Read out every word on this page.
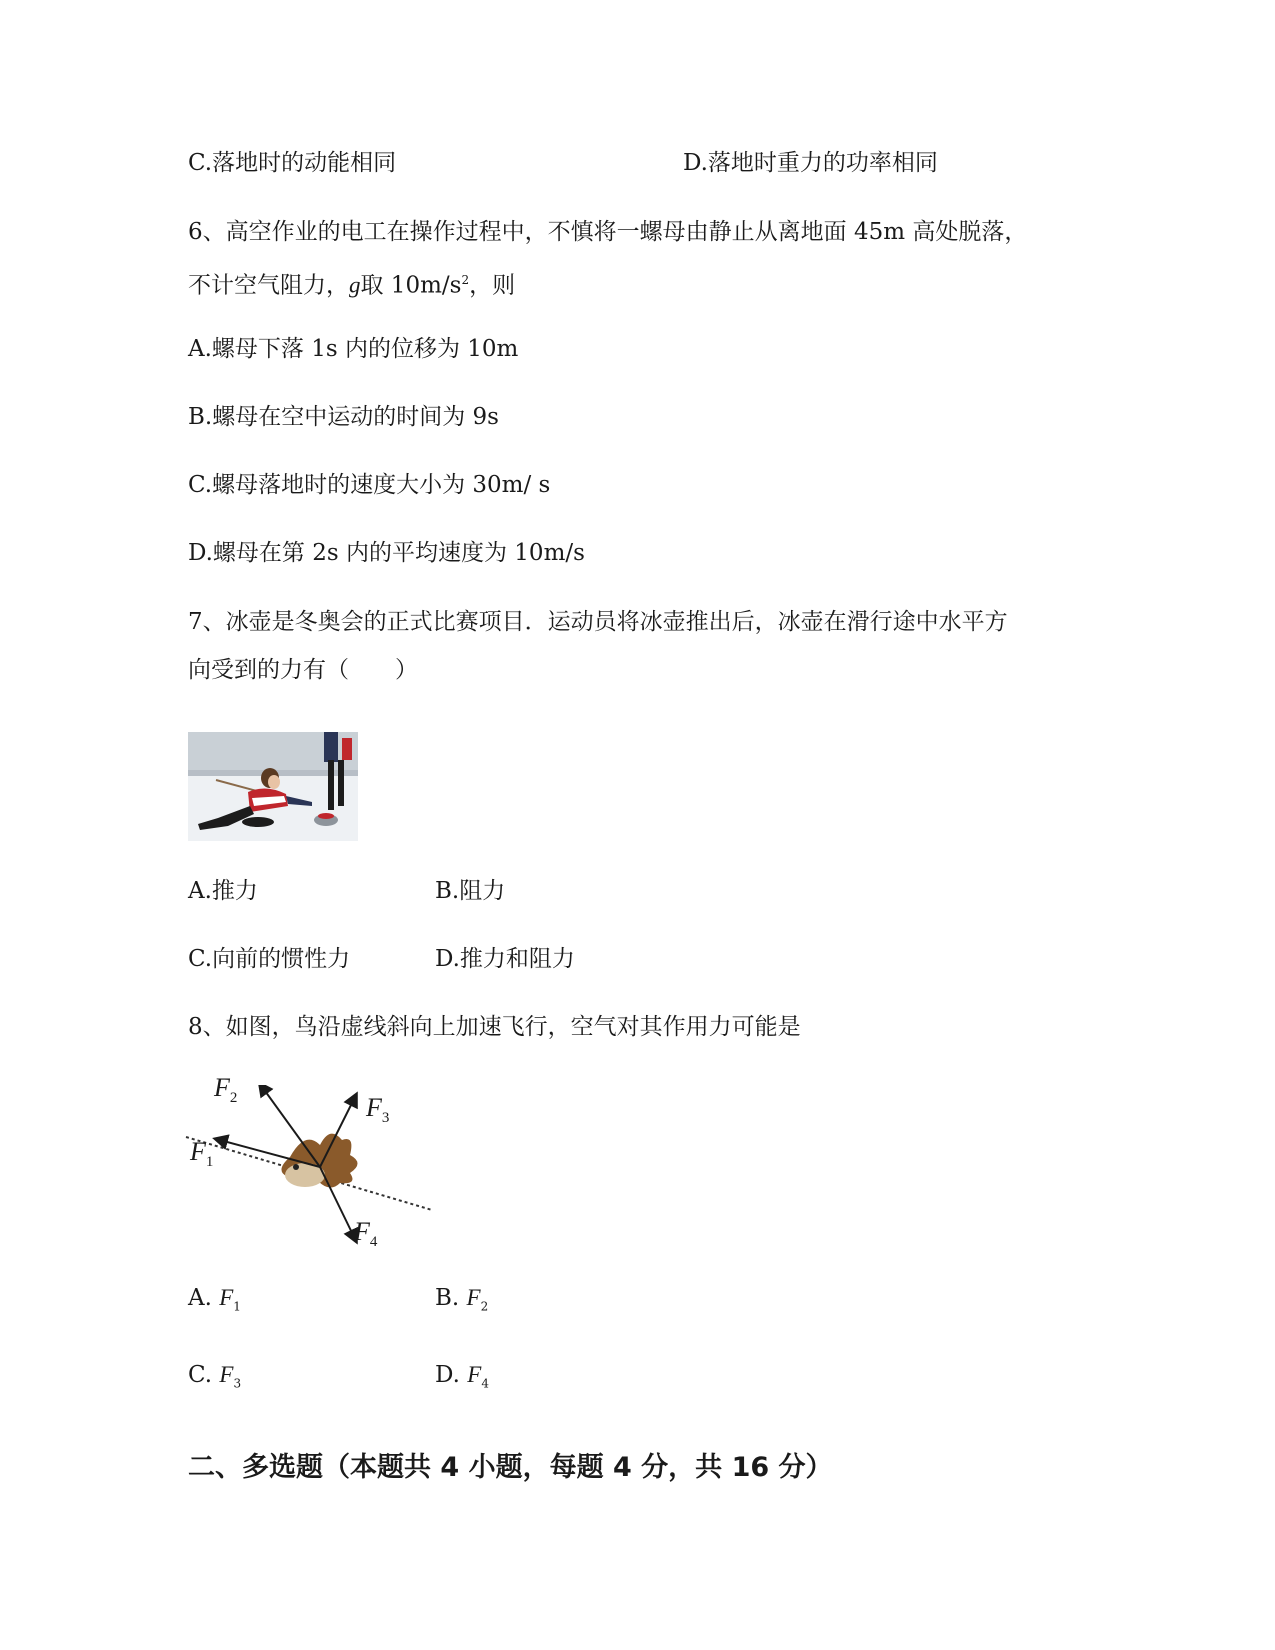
C.落地时的动能相同	D.落地时重力的功率相同
6、高空作业的电工在操作过程中，不慎将一螺母由静止从离地面 45m 高处脱落，
不计空气阻力，g取 $10m/s^2$，则
A.螺母下落 1s 内的位移为 10m
B.螺母在空中运动的时间为 9s
C.螺母落地时的速度大小为 30m/ s
D.螺母在第 2s 内的平均速度为 10m/s
7、冰壶是冬奥会的正式比赛项目．运动员将冰壶推出后，冰壶在滑行途中水平方
向受到的力有（　　）
A.推力	B.阻力
C.向前的惯性力	D.推力和阻力
8、如图，鸟沿虚线斜向上加速飞行，空气对其作用力可能是
$F_2$	$F_3$
$F_1$
$F_4$
A. $F_1$	B. $F_2$
C. $F_3$	D. $F_4$
二、多选题（本题共 4 小题，每题 4 分，共 16 分）
